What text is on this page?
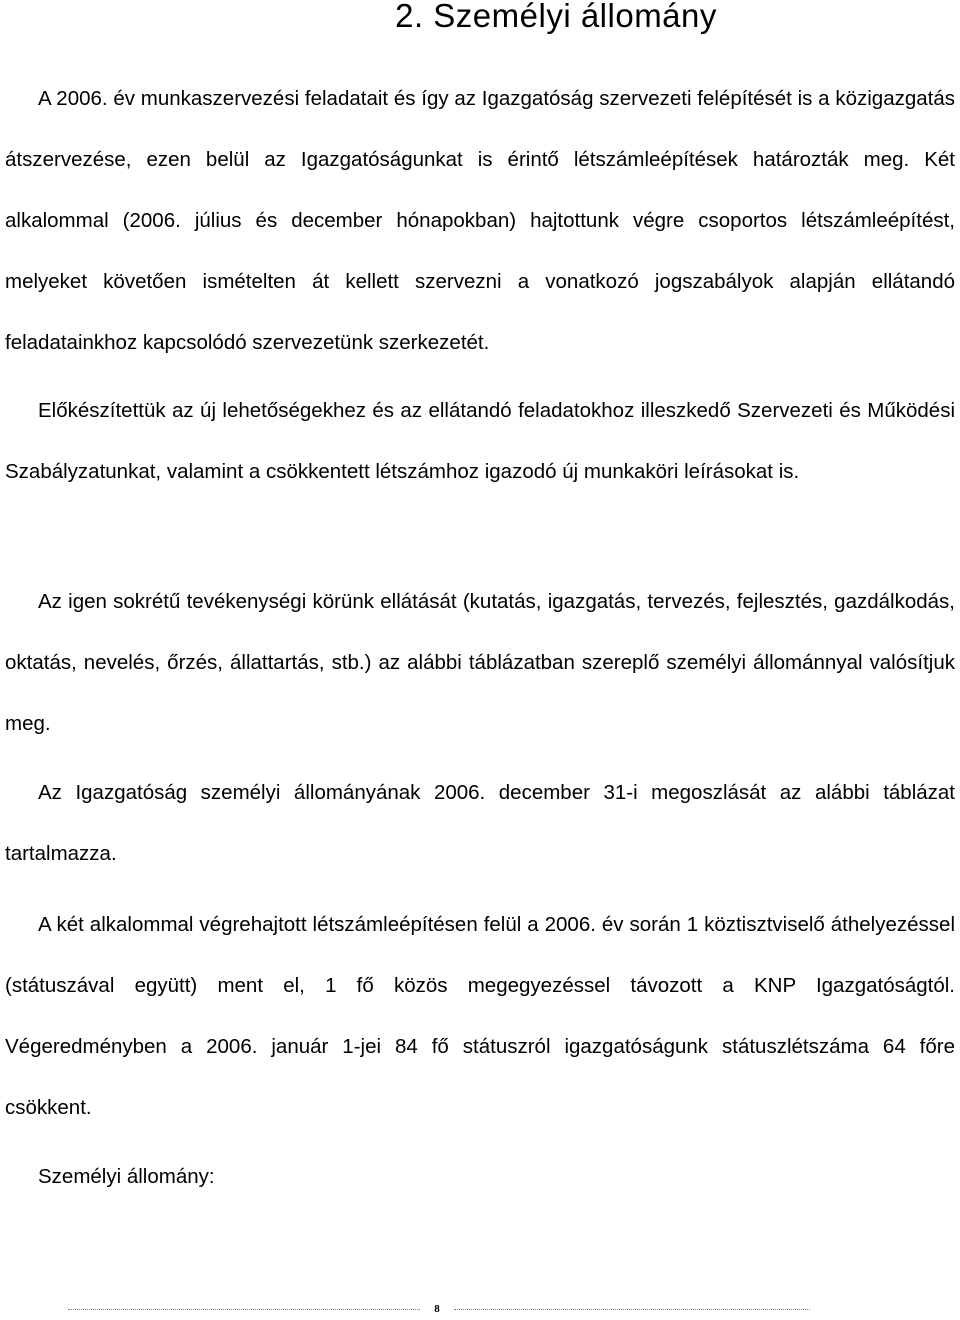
2. Személyi állomány

A 2006. év munkaszervezési feladatait és így az Igazgatóság szervezeti felépítését is a közigazgatás átszervezése, ezen belül az Igazgatóságunkat is érintő létszámleépítések határozták meg. Két alkalommal (2006. július és december hónapokban) hajtottunk végre csoportos létszámleépítést, melyeket követően ismételten át kellett szervezni a vonatkozó jogszabályok alapján ellátandó feladatainkhoz kapcsolódó szervezetünk szerkezetét.

Előkészítettük az új lehetőségekhez és az ellátandó feladatokhoz illeszkedő Szervezeti és Működési Szabályzatunkat, valamint a csökkentett létszámhoz igazodó új munkaköri leírásokat is.

Az igen sokrétű tevékenységi körünk ellátását (kutatás, igazgatás, tervezés, fejlesztés, gazdálkodás, oktatás, nevelés, őrzés, állattartás, stb.) az alábbi táblázatban szereplő személyi állománnyal valósítjuk meg.

Az Igazgatóság személyi állományának 2006. december 31-i megoszlását az alábbi táblázat tartalmazza.

A két alkalommal végrehajtott létszámleépítésen felül a 2006. év során 1 köztisztviselő áthelyezéssel (státuszával együtt) ment el, 1 fő közös megegyezéssel távozott a KNP Igazgatóságtól. Végeredményben a 2006. január 1-jei 84 fő státuszról igazgatóságunk státuszlétszáma 64 főre csökkent.

Személyi állomány:

8
